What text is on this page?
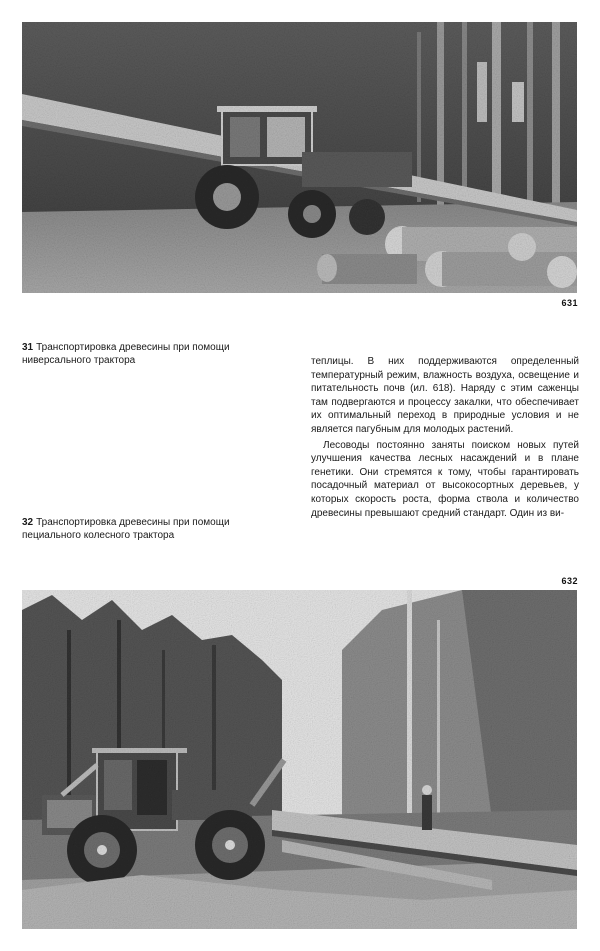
631
31 Транспортировка древесины при помощи
ниверсального трактора	теплицы. В них поддерживаются определенный температурный режим, влажность воздуха, освещение и питательность почв (ил. 618). Наряду с этим саженцы там подвергаются и процессу закалки, что обеспечивает их оптимальный переход в природные условия и не является пагубным для молодых растений.

Лесоводы постоянно заняты поиском новых путей улучшения качества лесных насаждений и в плане генетики. Они стремятся к тому, чтобы гарантировать посадочный материал от высокосортных деревьев, у которых скорость роста, форма ствола и количество древесины превышают средний стандарт. Один из ви-

32 Транспортировка древесины при помощи
пециального колесного трактора
632
